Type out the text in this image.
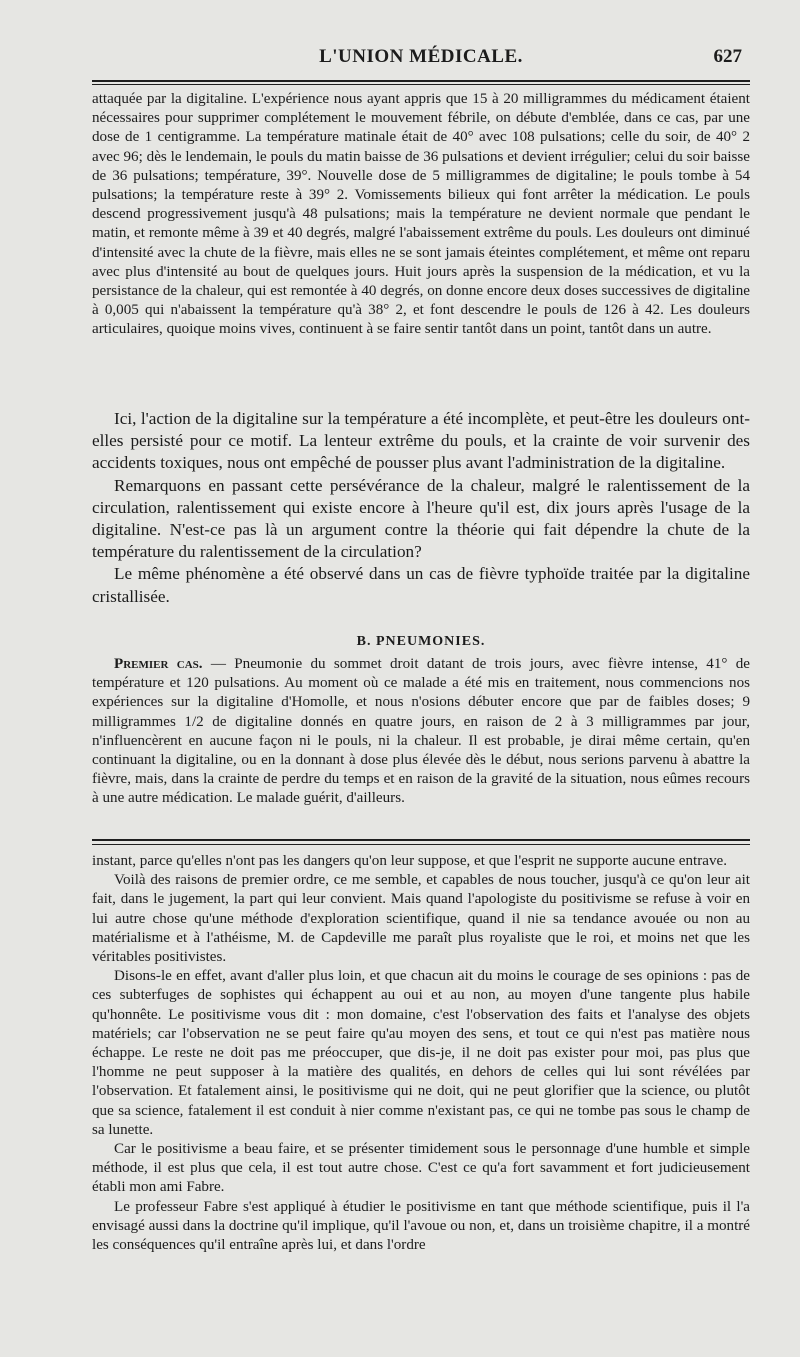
L'UNION MÉDICALE.	627

attaquée par la digitaline. L'expérience nous ayant appris que 15 à 20 milligrammes du médicament étaient nécessaires pour supprimer complétement le mouvement fébrile, on débute d'emblée, dans ce cas, par une dose de 1 centigramme. La température matinale était de 40° avec 108 pulsations; celle du soir, de 40° 2 avec 96; dès le lendemain, le pouls du matin baisse de 36 pulsations et devient irrégulier; celui du soir baisse de 36 pulsations; température, 39°. Nouvelle dose de 5 milligrammes de digitaline; le pouls tombe à 54 pulsations; la température reste à 39° 2. Vomissements bilieux qui font arrêter la médication. Le pouls descend progressivement jusqu'à 48 pulsations; mais la température ne devient normale que pendant le matin, et remonte même à 39 et 40 degrés, malgré l'abaissement extrême du pouls. Les douleurs ont diminué d'intensité avec la chute de la fièvre, mais elles ne se sont jamais éteintes complétement, et même ont reparu avec plus d'intensité au bout de quelques jours. Huit jours après la suspension de la médication, et vu la persistance de la chaleur, qui est remontée à 40 degrés, on donne encore deux doses successives de digitaline à 0,005 qui n'abaissent la température qu'à 38° 2, et font descendre le pouls de 126 à 42. Les douleurs articulaires, quoique moins vives, continuent à se faire sentir tantôt dans un point, tantôt dans un autre.

Ici, l'action de la digitaline sur la température a été incomplète, et peut-être les douleurs ont-elles persisté pour ce motif. La lenteur extrême du pouls, et la crainte de voir survenir des accidents toxiques, nous ont empêché de pousser plus avant l'administration de la digitaline.

Remarquons en passant cette persévérance de la chaleur, malgré le ralentissement de la circulation, ralentissement qui existe encore à l'heure qu'il est, dix jours après l'usage de la digitaline. N'est-ce pas là un argument contre la théorie qui fait dépendre la chute de la température du ralentissement de la circulation?

Le même phénomène a été observé dans un cas de fièvre typhoïde traitée par la digitaline cristallisée.

B. PNEUMONIES.

Premier cas. — Pneumonie du sommet droit datant de trois jours, avec fièvre intense, 41° de température et 120 pulsations. Au moment où ce malade a été mis en traitement, nous commencions nos expériences sur la digitaline d'Homolle, et nous n'osions débuter encore que par de faibles doses; 9 milligrammes 1/2 de digitaline donnés en quatre jours, en raison de 2 à 3 milligrammes par jour, n'influencèrent en aucune façon ni le pouls, ni la chaleur. Il est probable, je dirai même certain, qu'en continuant la digitaline, ou en la donnant à dose plus élevée dès le début, nous serions parvenu à abattre la fièvre, mais, dans la crainte de perdre du temps et en raison de la gravité de la situation, nous eûmes recours à une autre médication. Le malade guérit, d'ailleurs.

instant, parce qu'elles n'ont pas les dangers qu'on leur suppose, et que l'esprit ne supporte aucune entrave.

Voilà des raisons de premier ordre, ce me semble, et capables de nous toucher, jusqu'à ce qu'on leur ait fait, dans le jugement, la part qui leur convient. Mais quand l'apologiste du positivisme se refuse à voir en lui autre chose qu'une méthode d'exploration scientifique, quand il nie sa tendance avouée ou non au matérialisme et à l'athéisme, M. de Capdeville me paraît plus royaliste que le roi, et moins net que les véritables positivistes.

Disons-le en effet, avant d'aller plus loin, et que chacun ait du moins le courage de ses opinions : pas de ces subterfuges de sophistes qui échappent au oui et au non, au moyen d'une tangente plus habile qu'honnête. Le positivisme vous dit : mon domaine, c'est l'observation des faits et l'analyse des objets matériels; car l'observation ne se peut faire qu'au moyen des sens, et tout ce qui n'est pas matière nous échappe. Le reste ne doit pas me préoccuper, que dis-je, il ne doit pas exister pour moi, pas plus que l'homme ne peut supposer à la matière des qualités, en dehors de celles qui lui sont révélées par l'observation. Et fatalement ainsi, le positivisme qui ne doit, qui ne peut glorifier que la science, ou plutôt que sa science, fatalement il est conduit à nier comme n'existant pas, ce qui ne tombe pas sous le champ de sa lunette.

Car le positivisme a beau faire, et se présenter timidement sous le personnage d'une humble et simple méthode, il est plus que cela, il est tout autre chose. C'est ce qu'a fort savamment et fort judicieusement établi mon ami Fabre.

Le professeur Fabre s'est appliqué à étudier le positivisme en tant que méthode scientifique, puis il l'a envisagé aussi dans la doctrine qu'il implique, qu'il l'avoue ou non, et, dans un troisième chapitre, il a montré les conséquences qu'il entraîne après lui, et dans l'ordre
